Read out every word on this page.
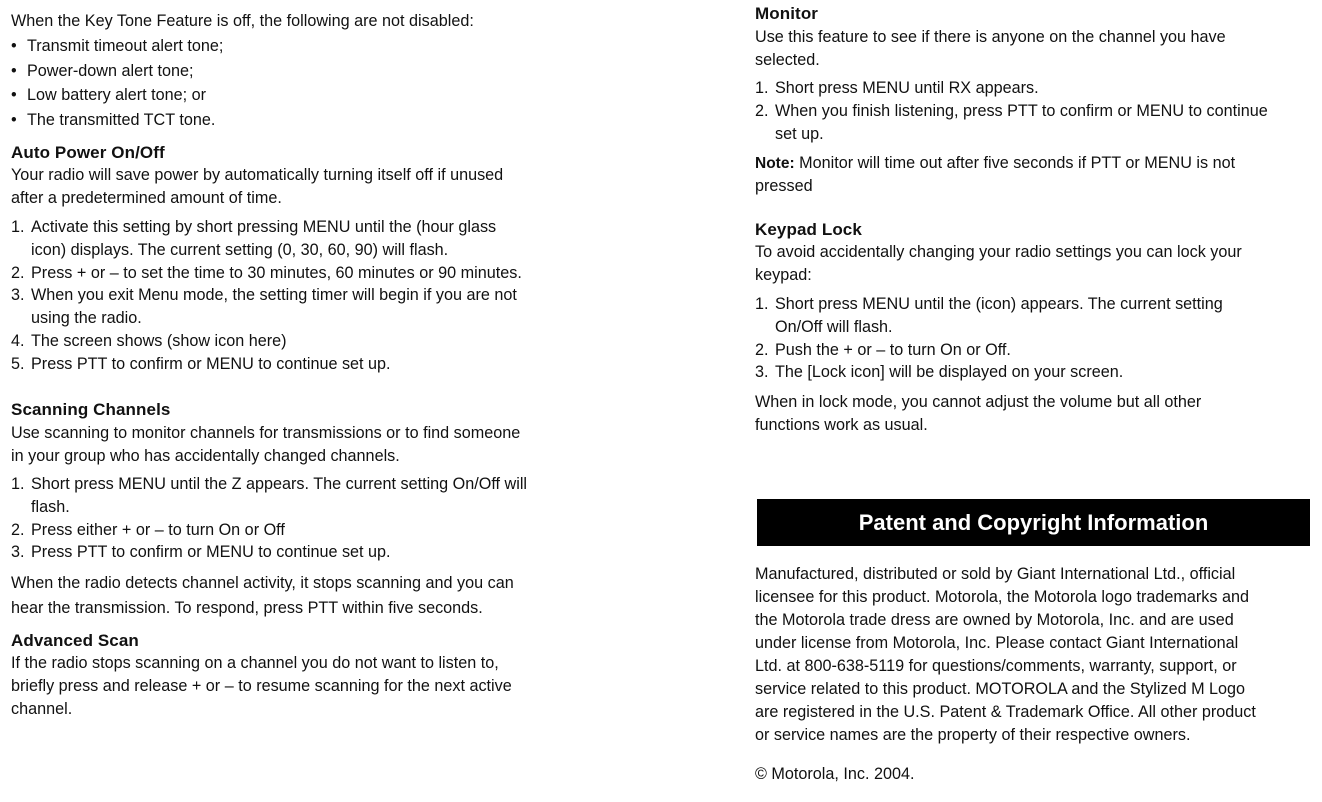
When the Key Tone Feature is off, the following are not disabled:

• Transmit timeout alert tone;
• Power-down alert tone;
• Low battery alert tone; or
• The transmitted TCT tone.
Auto Power On/Off

Your radio will save power by automatically turning itself off if unused

after a predetermined amount of time.

1. Activate this setting by short pressing MENU until the (hour glass
icon) displays. The current setting (0, 30, 60, 90) will flash.
2. Press + or – to set the time to 30 minutes, 60 minutes or 90 minutes.
3. When you exit Menu mode, the setting timer will begin if you are not
using the radio.
4. The screen shows (show icon here)
5. Press PTT to confirm or MENU to continue set up.
Scanning Channels

Use scanning to monitor channels for transmissions or to find someone

in your group who has accidentally changed channels.

1. Short press MENU until the Z appears. The current setting On/Off will
flash.
2. Press either + or – to turn On or Off
3. Press PTT to confirm or MENU to continue set up.

When the radio detects channel activity, it stops scanning and you can

hear the transmission. To respond, press PTT within five seconds.

Advanced Scan

If the radio stops scanning on a channel you do not want to listen to,

briefly press and release + or – to resume scanning for the next active

channel.

Monitor

Use this feature to see if there is anyone on the channel you have

selected.

1. Short press MENU until RX appears.
2. When you finish listening, press PTT to confirm or MENU to continue
set up.

Note: Monitor will time out after five seconds if PTT or MENU is not

pressed

Keypad Lock

To avoid accidentally changing your radio settings you can lock your

keypad:

1. Short press MENU until the (icon) appears. The current setting
On/Off will flash.
2. Push the + or – to turn On or Off.
3. The [Lock icon] will be displayed on your screen.

When in lock mode, you cannot adjust the volume but all other

functions work as usual.

Manufactured, distributed or sold by Giant International Ltd., official

licensee for this product. Motorola, the Motorola logo trademarks and

the Motorola trade dress are owned by Motorola, Inc. and are used

under license from Motorola, Inc. Please contact Giant International

Ltd. at 800-638-5119 for questions/comments, warranty, support, or

service related to this product. MOTOROLA and the Stylized M Logo

are registered in the U.S. Patent & Trademark Office. All other product

or service names are the property of their respective owners.

© Motorola, Inc. 2004.

Patent and Copyright Information
